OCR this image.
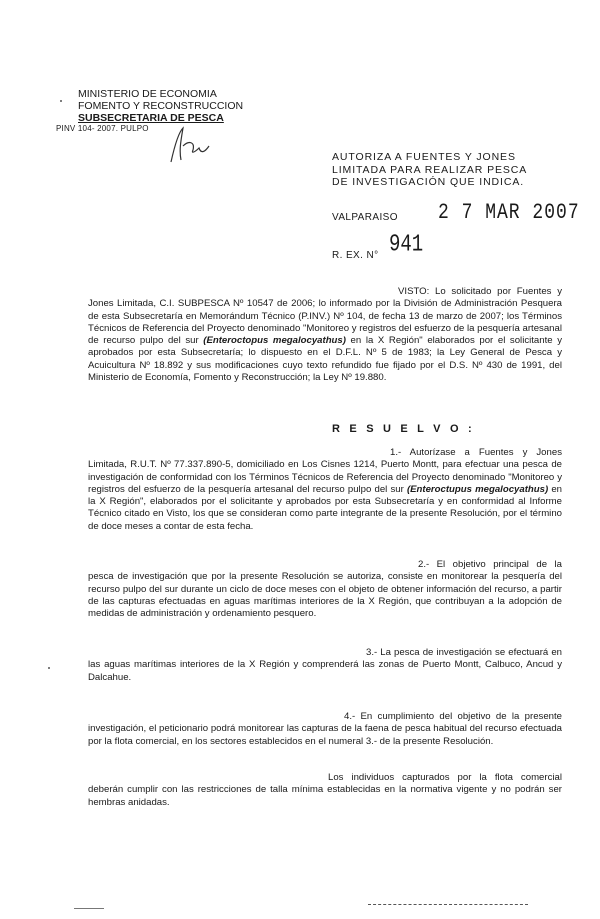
MINISTERIO DE ECONOMIA
FOMENTO Y RECONSTRUCCION
SUBSECRETARIA DE PESCA
PINV 104- 2007. PULPO
AUTORIZA A FUENTES Y JONES LIMITADA PARA REALIZAR PESCA DE INVESTIGACIÓN QUE INDICA.
VALPARAISO 2 7 MAR 2007
R. EX. N° 941

VISTO: Lo solicitado por Fuentes y Jones Limitada, C.I. SUBPESCA Nº 10547 de 2006; lo informado por la División de Administración Pesquera de esta Subsecretaría en Memorándum Técnico (P.INV.) Nº 104, de fecha 13 de marzo de 2007; los Términos Técnicos de Referencia del Proyecto denominado "Monitoreo y registros del esfuerzo de la pesquería artesanal de recurso pulpo del sur (Enteroctopus megalocyathus) en la X Región" elaborados por el solicitante y aprobados por esta Subsecretaría; lo dispuesto en el D.F.L. Nº 5 de 1983; la Ley General de Pesca y Acuicultura Nº 18.892 y sus modificaciones cuyo texto refundido fue fijado por el D.S. Nº 430 de 1991, del Ministerio de Economía, Fomento y Reconstrucción; la Ley Nº 19.880.

R E S U E L V O :

1.- Autorízase a Fuentes y Jones Limitada, R.U.T. Nº 77.337.890-5, domiciliado en Los Cisnes 1214, Puerto Montt, para efectuar una pesca de investigación de conformidad con los Términos Técnicos de Referencia del Proyecto denominado "Monitoreo y registros del esfuerzo de la pesquería artesanal del recurso pulpo del sur (Enteroctupus megalocyathus) en la X Región", elaborados por el solicitante y aprobados por esta Subsecretaría y en conformidad al Informe Técnico citado en Visto, los que se consideran como parte integrante de la presente Resolución, por el término de doce meses a contar de esta fecha.

2.- El objetivo principal de la pesca de investigación que por la presente Resolución se autoriza, consiste en monitorear la pesquería del recurso pulpo del sur durante un ciclo de doce meses con el objeto de obtener información del recurso, a partir de las capturas efectuadas en aguas marítimas interiores de la X Región, que contribuyan a la adopción de medidas de administración y ordenamiento pesquero.

3.- La pesca de investigación se efectuará en las aguas marítimas interiores de la X Región y comprenderá las zonas de Puerto Montt, Calbuco, Ancud y Dalcahue.

4.- En cumplimiento del objetivo de la presente investigación, el peticionario podrá monitorear las capturas de la faena de pesca habitual del recurso efectuada por la flota comercial, en los sectores establecidos en el numeral 3.- de la presente Resolución.

Los individuos capturados por la flota comercial deberán cumplir con las restricciones de talla mínima establecidas en la normativa vigente y no podrán ser hembras anidadas.
